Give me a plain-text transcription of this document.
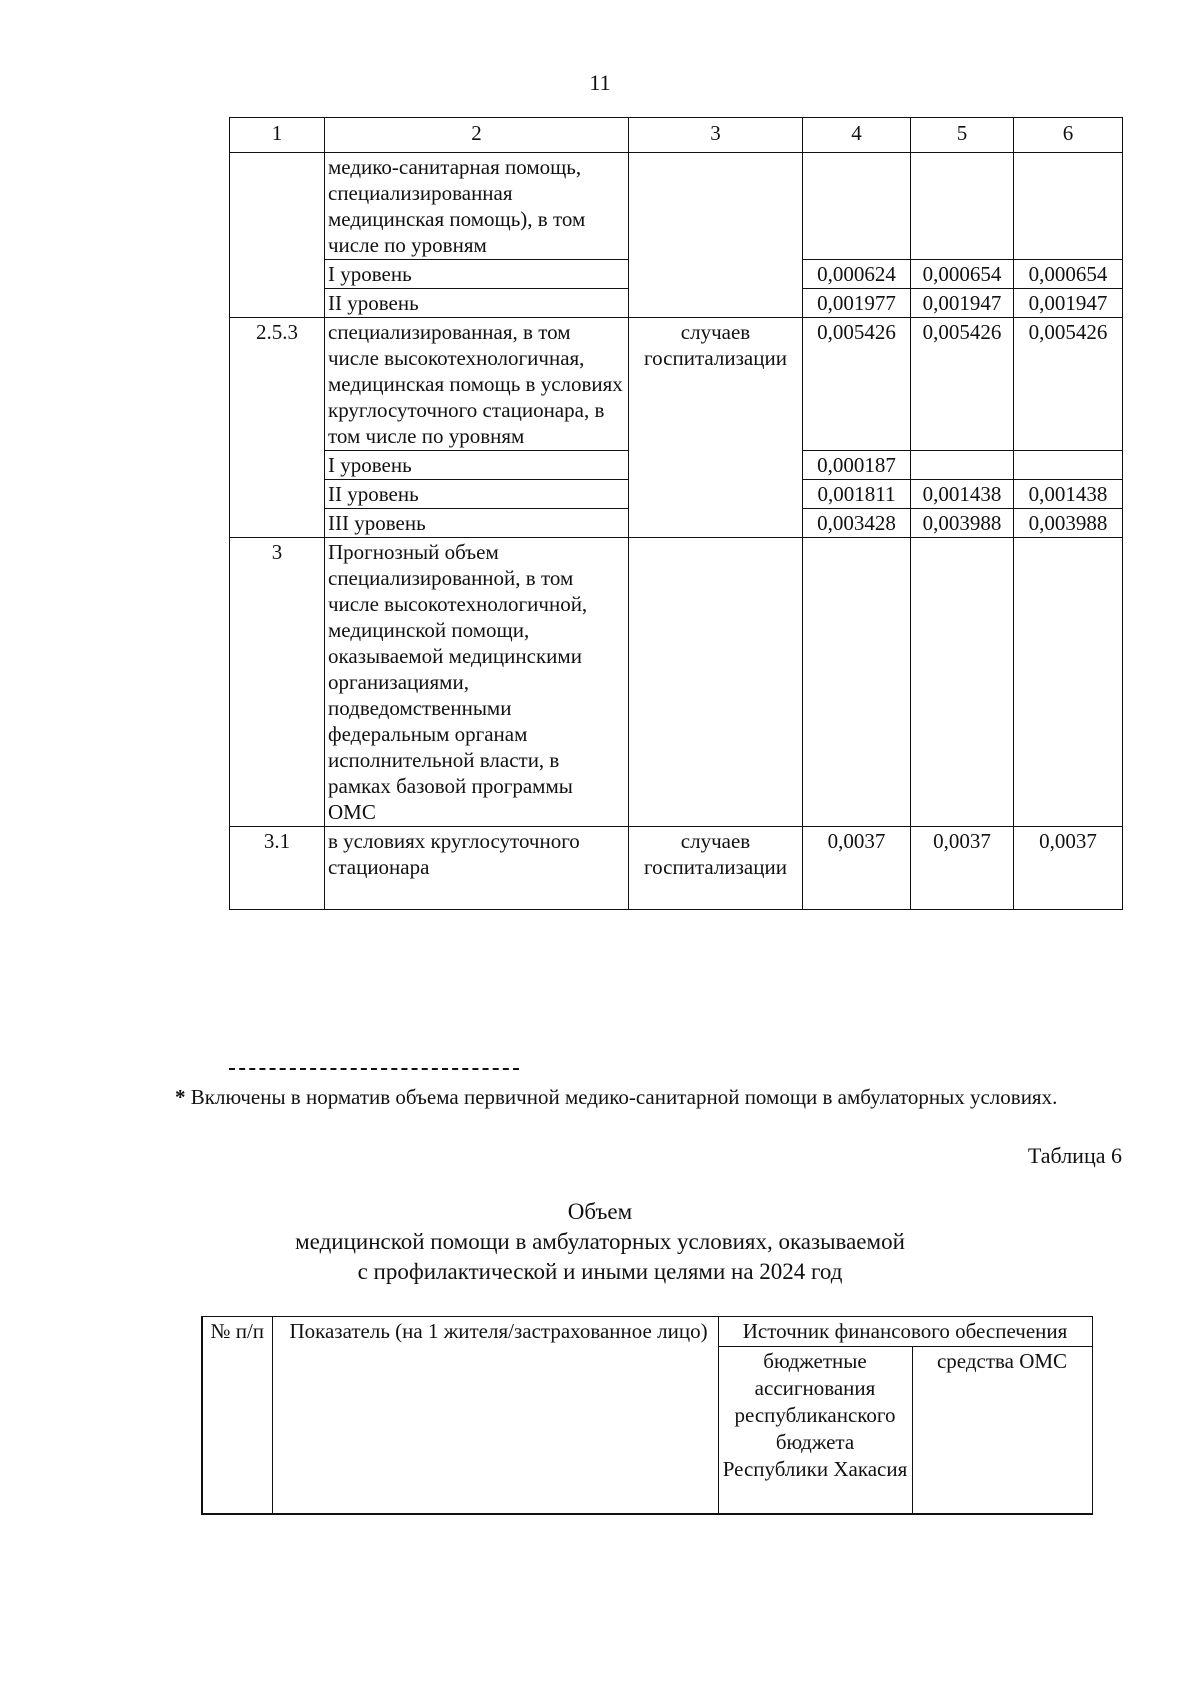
11
1	2	3	4	5	6
	медико-санитарная помощь, специализированная медицинская помощь), в том числе по уровням				
	I уровень		0,000624	0,000654	0,000654
	II уровень		0,001977	0,001947	0,001947
2.5.3	специализированная, в том числе высокотехнологичная, медицинская помощь в условиях круглосуточного стационара, в том числе по уровням	случаев госпитализации	0,005426	0,005426	0,005426
	I уровень		0,000187		
	II уровень		0,001811	0,001438	0,001438
	III уровень		0,003428	0,003988	0,003988
3	Прогнозный объем специализированной, в том числе высокотехнологичной, медицинской помощи, оказываемой медицинскими организациями, подведомственными федеральным органам исполнительной власти, в рамках базовой программы ОМС				
3.1	в условиях круглосуточного стационара	случаев госпитализации	0,0037	0,0037	0,0037
* Включены в норматив объема первичной медико-санитарной помощи в амбулаторных условиях.
Таблица 6
Объем
медицинской помощи в амбулаторных условиях, оказываемой
с профилактической и иными целями на 2024 год
№ п/п	Показатель (на 1 жителя/застрахованное лицо)	Источник финансового обеспечения	
		бюджетные ассигнования республиканского бюджета Республики Хакасия	средства ОМС
